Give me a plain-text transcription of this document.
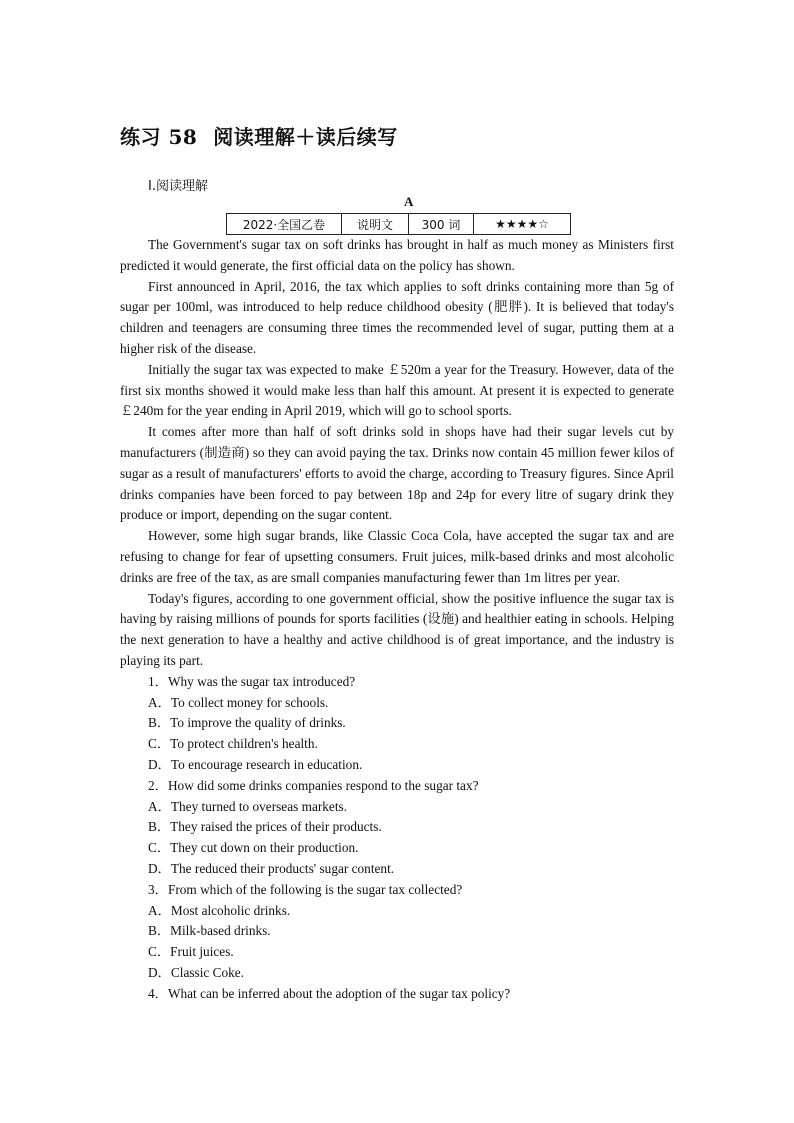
练习 58 阅读理解＋读后续写
Ⅰ.阅读理解
A
2022·全国乙卷	说明文	300 词	★★★★☆

The Government's sugar tax on soft drinks has brought in half as much money as Ministers first predicted it would generate, the first official data on the policy has shown.

First announced in April, 2016, the tax which applies to soft drinks containing more than 5g of sugar per 100ml, was introduced to help reduce childhood obesity (肥胖). It is believed that today's children and teenagers are consuming three times the recommended level of sugar, putting them at a higher risk of the disease.

Initially the sugar tax was expected to make ￡520m a year for the Treasury. However, data of the first six months showed it would make less than half this amount. At present it is expected to generate ￡240m for the year ending in April 2019, which will go to school sports.

It comes after more than half of soft drinks sold in shops have had their sugar levels cut by manufacturers (制造商) so they can avoid paying the tax. Drinks now contain 45 million fewer kilos of sugar as a result of manufacturers' efforts to avoid the charge, according to Treasury figures. Since April drinks companies have been forced to pay between 18p and 24p for every litre of sugary drink they produce or import, depending on the sugar content.

However, some high sugar brands, like Classic Coca Cola, have accepted the sugar tax and are refusing to change for fear of upsetting consumers. Fruit juices, milk-based drinks and most alcoholic drinks are free of the tax, as are small companies manufacturing fewer than 1m litres per year.

Today's figures, according to one government official, show the positive influence the sugar tax is having by raising millions of pounds for sports facilities (设施) and healthier eating in schools. Helping the next generation to have a healthy and active childhood is of great importance, and the industry is playing its part.

1．Why was the sugar tax introduced?
A．To collect money for schools.
B．To improve the quality of drinks.
C．To protect children's health.
D．To encourage research in education.
2．How did some drinks companies respond to the sugar tax?
A．They turned to overseas markets.
B．They raised the prices of their products.
C．They cut down on their production.
D．The reduced their products' sugar content.
3．From which of the following is the sugar tax collected?
A．Most alcoholic drinks.
B．Milk-based drinks.
C．Fruit juices.
D．Classic Coke.
4．What can be inferred about the adoption of the sugar tax policy?
